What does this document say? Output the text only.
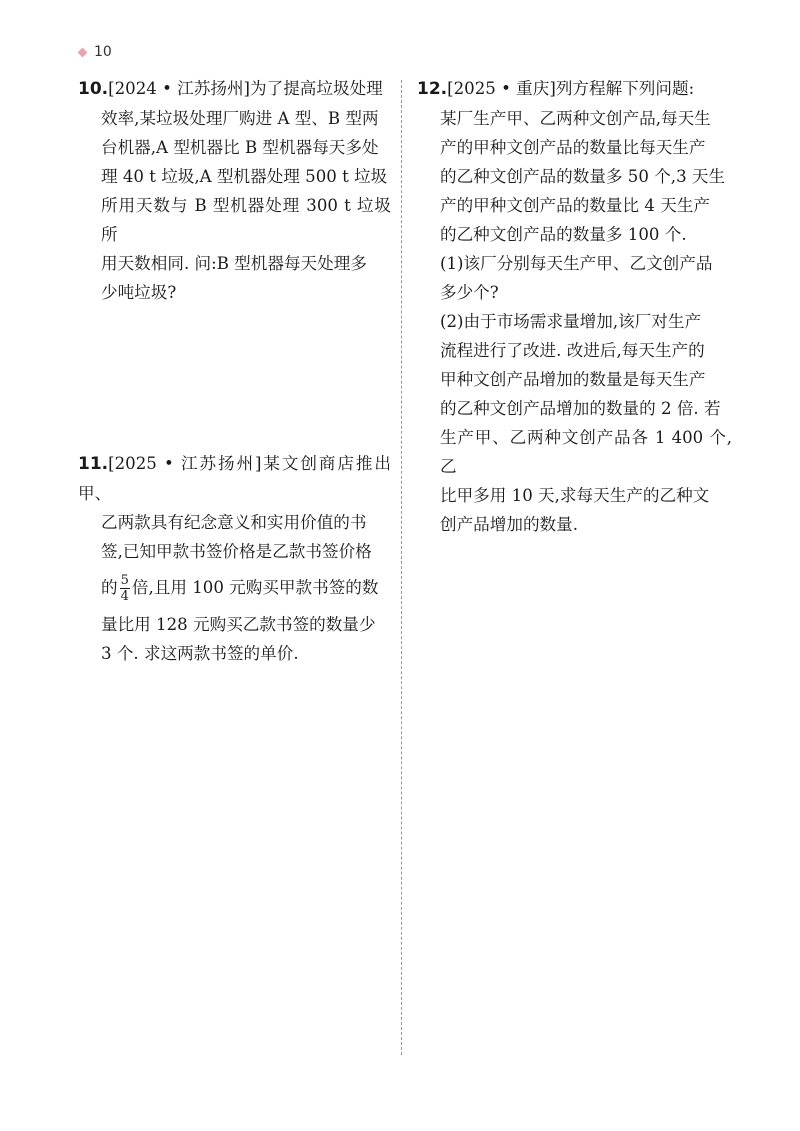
10

10.[2024 • 江苏扬州]为了提高垃圾处理

效率,某垃圾处理厂购进 A 型、B 型两

台机器,A 型机器比 B 型机器每天多处

理 40 t 垃圾,A 型机器处理 500 t 垃圾

所用天数与 B 型机器处理 300 t 垃圾所

用天数相同. 问:B 型机器每天处理多

少吨垃圾?

11.[2025 • 江苏扬州]某文创商店推出甲、

乙两款具有纪念意义和实用价值的书

签,已知甲款书签价格是乙款书签价格

的 $\frac{5}{4}$ 倍,且用 100 元购买甲款书签的数

量比用 128 元购买乙款书签的数量少

3 个. 求这两款书签的单价.

12.[2025 • 重庆]列方程解下列问题:

某厂生产甲、乙两种文创产品,每天生

产的甲种文创产品的数量比每天生产

的乙种文创产品的数量多 50 个,3 天生

产的甲种文创产品的数量比 4 天生产

的乙种文创产品的数量多 100 个.

(1)该厂分别每天生产甲、乙文创产品

多少个?

(2)由于市场需求量增加,该厂对生产

流程进行了改进. 改进后,每天生产的

甲种文创产品增加的数量是每天生产

的乙种文创产品增加的数量的 2 倍. 若

生产甲、乙两种文创产品各 1 400 个,乙

比甲多用 10 天,求每天生产的乙种文

创产品增加的数量.
